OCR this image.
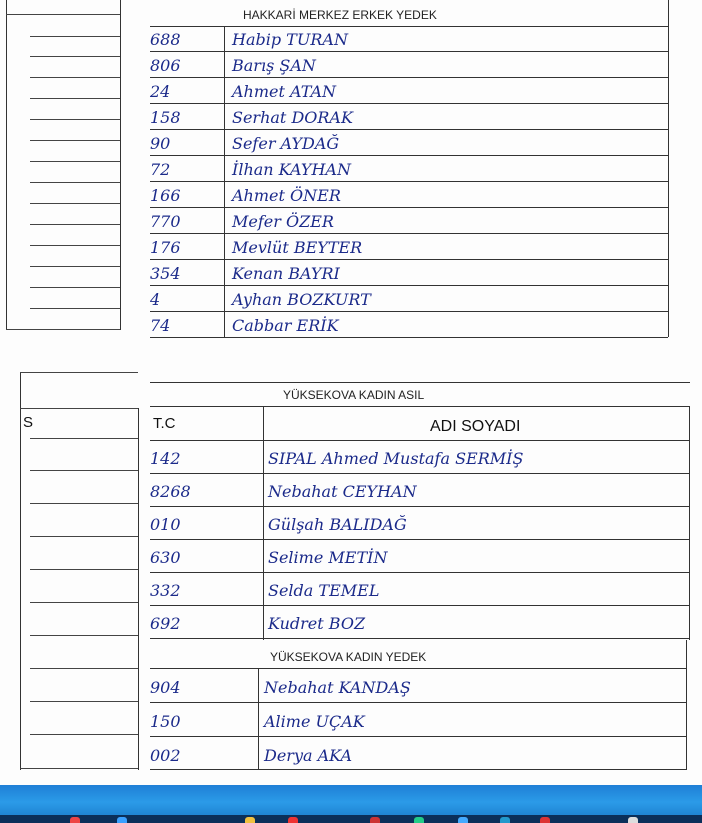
HAKKARİ MERKEZ ERKEK YEDEK
688	Habip TURAN
806	Barış ŞAN
24	Ahmet ATAN
158	Serhat DORAK
90	Sefer AYDAĞ
72	İlhan KAYHAN
166	Ahmet ÖNER
770	Mefer ÖZER
176	Mevlüt BEYTER
354	Kenan BAYRI
4	Ayhan BOZKURT
74	Cabbar ERİK
S
YÜKSEKOVA KADIN ASIL
T.C	ADI SOYADI
142	SIPAL Ahmed Mustafa SERMİŞ
8268	Nebahat CEYHAN
010	Gülşah BALIDAĞ
630	Selime METİN
332	Selda TEMEL
692	Kudret BOZ
YÜKSEKOVA KADIN YEDEK
904	Nebahat KANDAŞ
150	Alime UÇAK
002	Derya AKA
